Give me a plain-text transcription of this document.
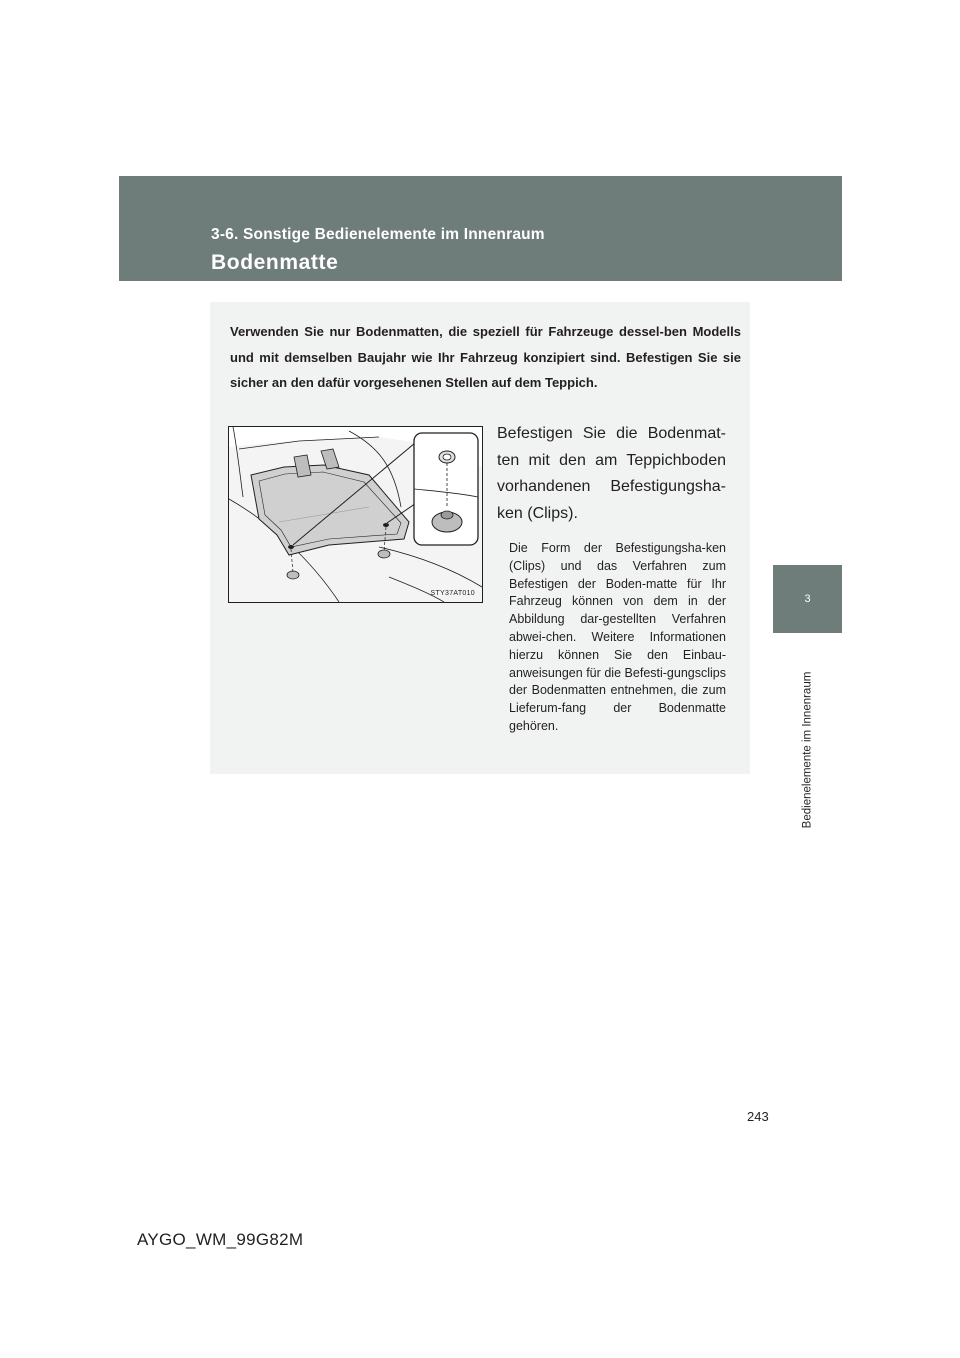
3-6. Sonstige Bedienelemente im Innenraum
Bodenmatte
3
Bedienelemente im Innenraum
Verwenden Sie nur Bodenmatten, die speziell für Fahrzeuge dessel-ben Modells und mit demselben Baujahr wie Ihr Fahrzeug konzipiert sind. Befestigen Sie sie sicher an den dafür vorgesehenen Stellen auf dem Teppich.
STY37AT010
Befestigen Sie die Bodenmat-ten mit den am Teppichboden vorhandenen Befestigungsha-ken (Clips).
Die Form der Befestigungsha-ken (Clips) und das Verfahren zum Befestigen der Boden-matte für Ihr Fahrzeug können von dem in der Abbildung dar-gestellten Verfahren abwei-chen. Weitere Informationen hierzu können Sie den Einbau-anweisungen für die Befesti-gungsclips der Bodenmatten entnehmen, die zum Lieferum-fang der Bodenmatte gehören.
243
AYGO_WM_99G82M
